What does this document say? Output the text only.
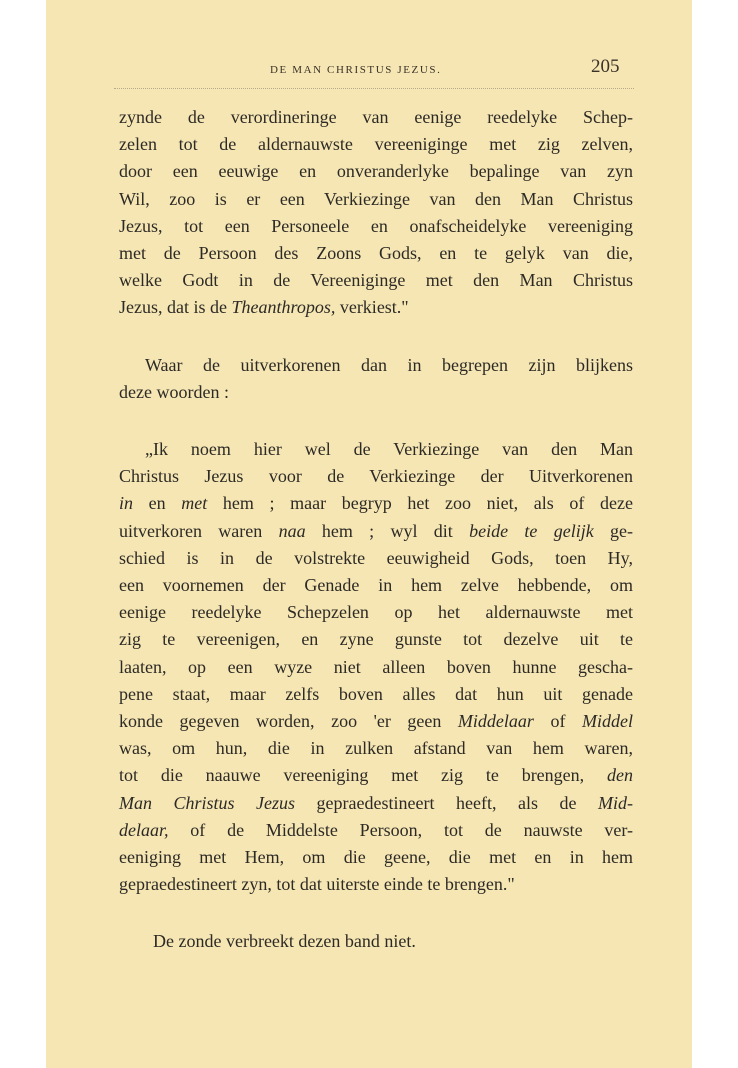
DE MAN CHRISTUS JEZUS.	205

zynde de verordineringe van eenige reedelyke Schep-
zelen tot de aldernauwste vereeniginge met zig zelven,
door een eeuwige en onveranderlyke bepalinge van zyn
Wil, zoo is er een Verkiezinge van den Man Christus
Jezus, tot een Personeele en onafscheidelyke vereeniging
met de Persoon des Zoons Gods, en te gelyk van die,
welke Godt in de Vereeniginge met den Man Christus
Jezus, dat is de Theanthropos, verkiest."

Waar de uitverkorenen dan in begrepen zijn blijkens
deze woorden :

„Ik noem hier wel de Verkiezinge van den Man
Christus Jezus voor de Verkiezinge der Uitverkorenen
in en met hem ; maar begryp het zoo niet, als of deze
uitverkoren waren naa hem ; wyl dit beide te gelijk ge-
schied is in de volstrekte eeuwigheid Gods, toen Hy,
een voornemen der Genade in hem zelve hebbende, om
eenige reedelyke Schepzelen op het aldernauwste met
zig te vereenigen, en zyne gunste tot dezelve uit te
laaten, op een wyze niet alleen boven hunne gescha-
pene staat, maar zelfs boven alles dat hun uit genade
konde gegeven worden, zoo 'er geen Middelaar of Middel
was, om hun, die in zulken afstand van hem waren,
tot die naauwe vereeniging met zig te brengen, den
Man Christus Jezus gepraedestineert heeft, als de Mid-
delaar, of de Middelste Persoon, tot de nauwste ver-
eeniging met Hem, om die geene, die met en in hem
gepraedestineert zyn, tot dat uiterste einde te brengen."

De zonde verbreekt dezen band niet.
